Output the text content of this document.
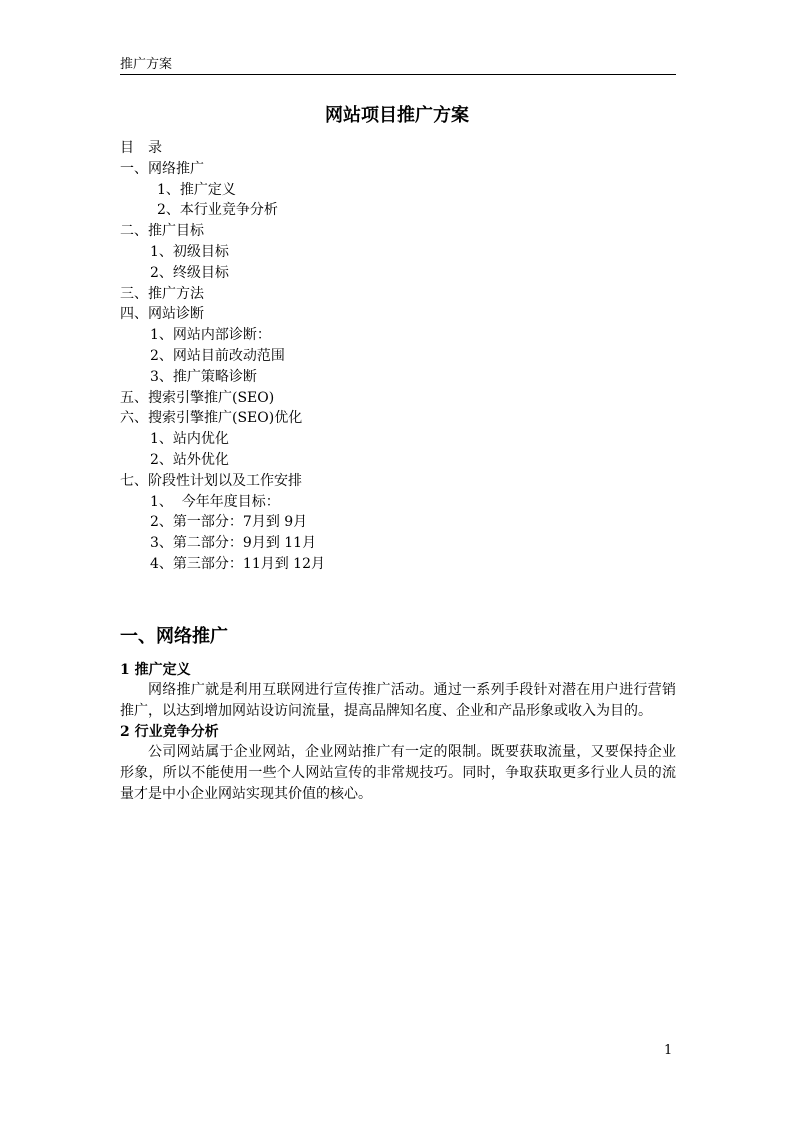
推广方案
网站项目推广方案
目录
一、网络推广
1、推广定义
2、本行业竞争分析
二、推广目标
1、初级目标
2、终级目标
三、推广方法
四、网站诊断
1、网站内部诊断：
2、网站目前改动范围
3、推广策略诊断
五、搜索引擎推广(SEO)
六、搜索引擎推广(SEO)优化
1、站内优化
2、站外优化
七、阶段性计划以及工作安排
1、  今年年度目标：
2、第一部分：7月到 9月
3、第二部分：9月到 11月
4、第三部分：11月到 12月
一、网络推广
1 推广定义

网络推广就是利用互联网进行宣传推广活动。通过一系列手段针对潜在用户进行营销推广，以达到增加网站设访问流量，提高品牌知名度、企业和产品形象或收入为目的。

2 行业竞争分析

公司网站属于企业网站，企业网站推广有一定的限制。既要获取流量，又要保持企业形象，所以不能使用一些个人网站宣传的非常规技巧。同时，争取获取更多行业人员的流量才是中小企业网站实现其价值的核心。

1
